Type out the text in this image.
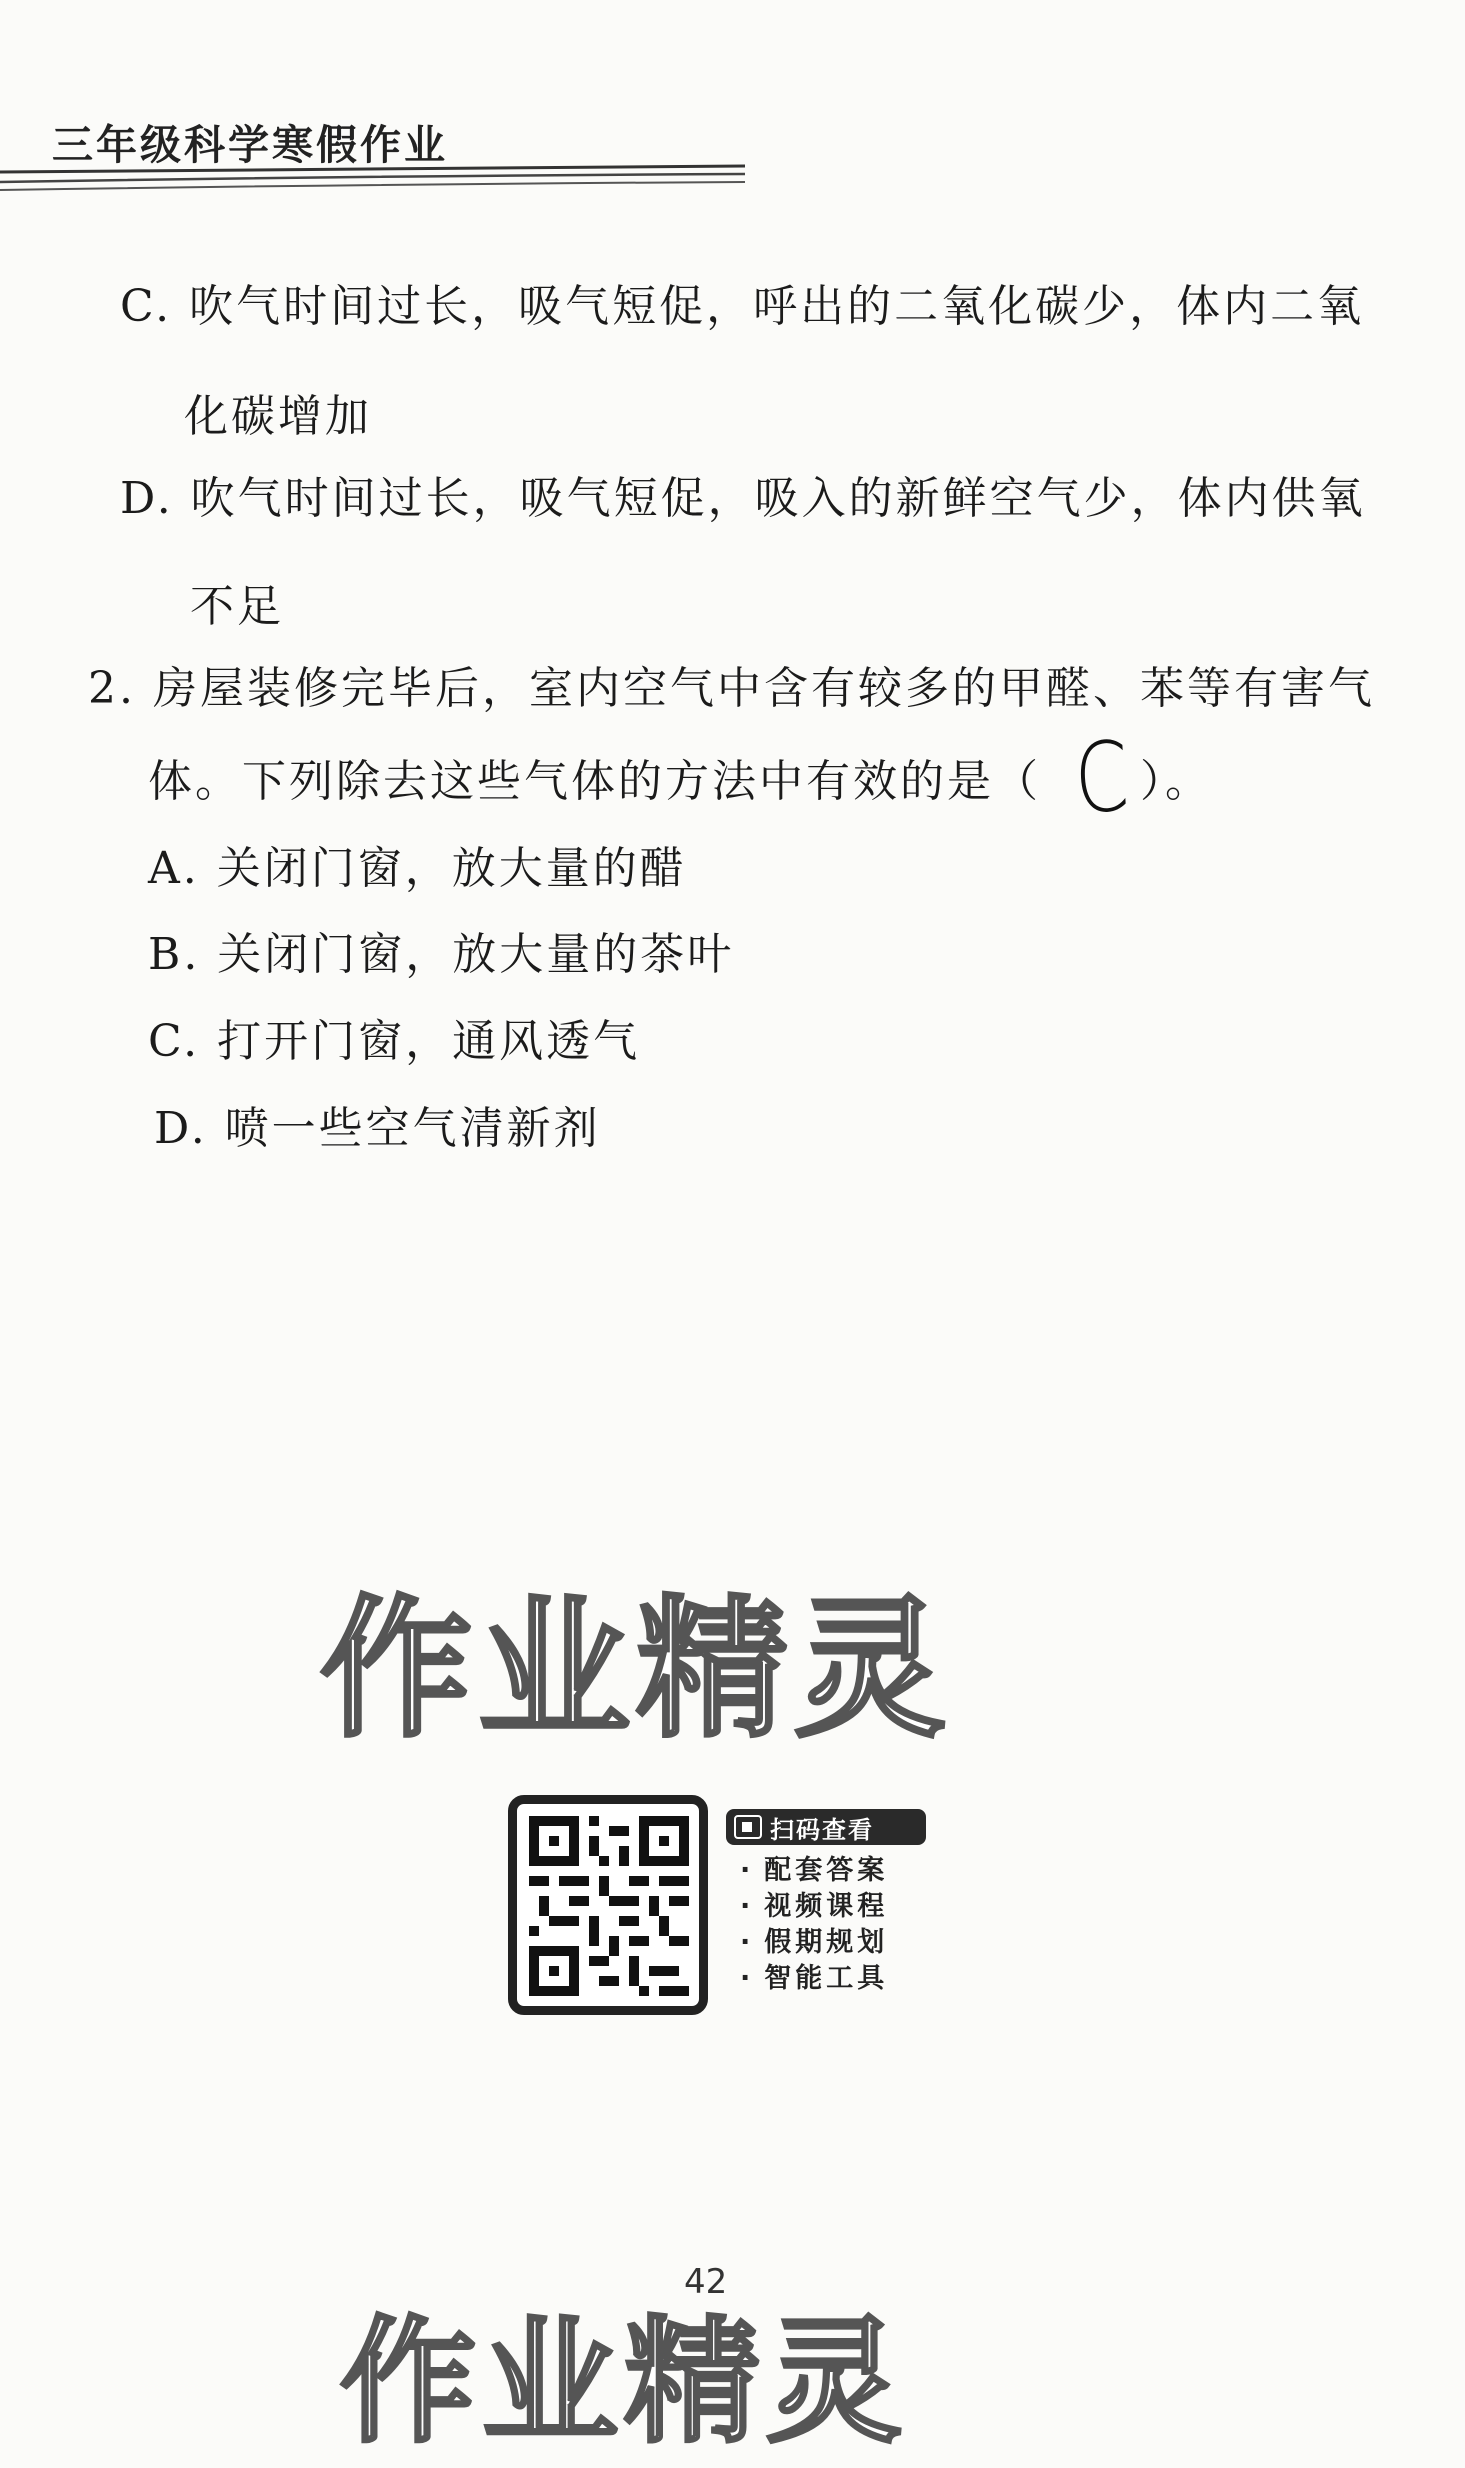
三年级科学寒假作业
C. 吹气时间过长，吸气短促，呼出的二氧化碳少，体内二氧
化碳增加
D. 吹气时间过长，吸气短促，吸入的新鲜空气少，体内供氧
不足
2. 房屋装修完毕后，室内空气中含有较多的甲醛、苯等有害气
体。下列除去这些气体的方法中有效的是（ C ）。
A. 关闭门窗，放大量的醋
B. 关闭门窗，放大量的茶叶
C. 打开门窗，通风透气
D. 喷一些空气清新剂
作业精灵
扫码查看
· 配套答案
· 视频课程
· 假期规划
· 智能工具
作业精灵
42
